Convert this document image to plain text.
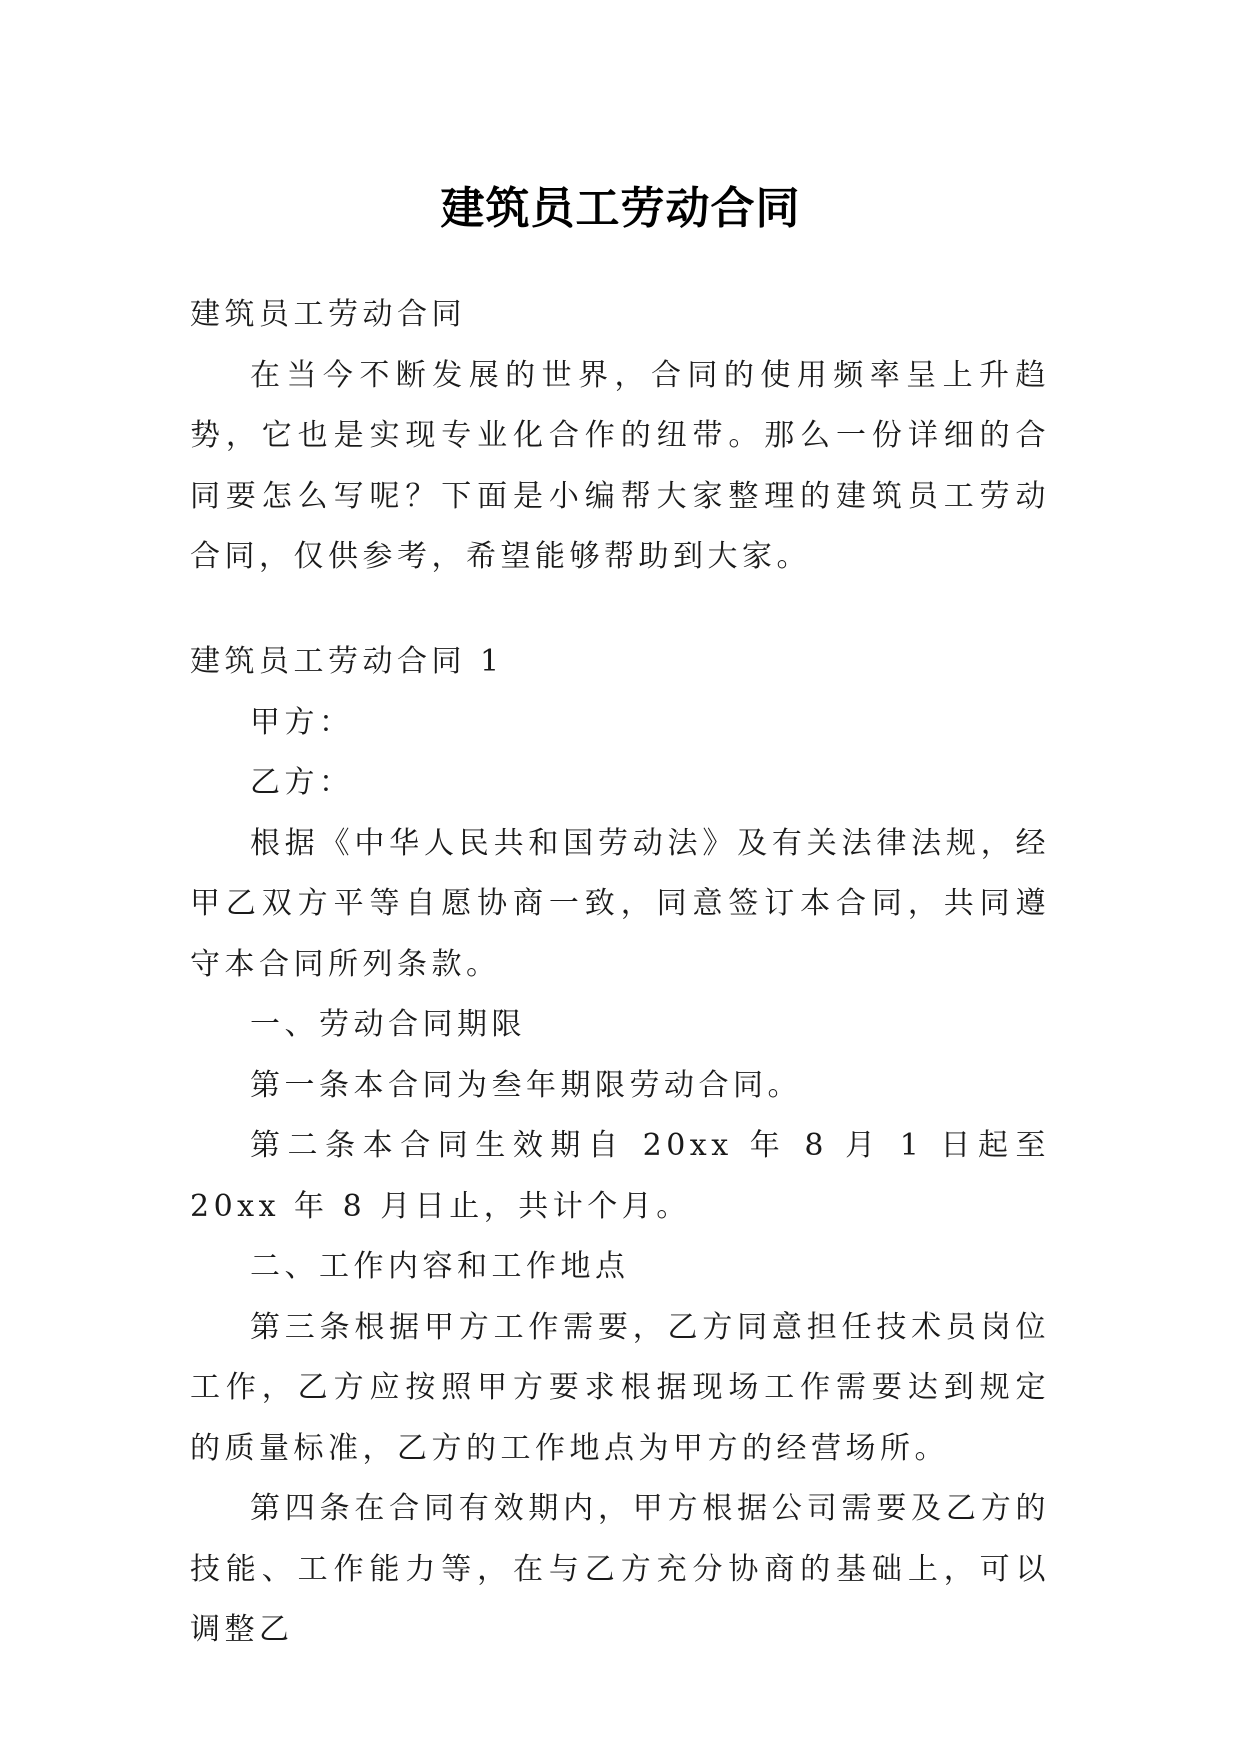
建筑员工劳动合同

建筑员工劳动合同

在当今不断发展的世界，合同的使用频率呈上升趋势，它也是实现专业化合作的纽带。那么一份详细的合同要怎么写呢？下面是小编帮大家整理的建筑员工劳动合同，仅供参考，希望能够帮助到大家。

建筑员工劳动合同 1

甲方：

乙方：

根据《中华人民共和国劳动法》及有关法律法规，经甲乙双方平等自愿协商一致，同意签订本合同，共同遵守本合同所列条款。

一、劳动合同期限

第一条本合同为叁年期限劳动合同。

第二条本合同生效期自 20xx 年 8 月 1 日起至 20xx 年 8 月日止，共计个月。

二、工作内容和工作地点

第三条根据甲方工作需要，乙方同意担任技术员岗位工作，乙方应按照甲方要求根据现场工作需要达到规定的质量标准，乙方的工作地点为甲方的经营场所。

第四条在合同有效期内，甲方根据公司需要及乙方的技能、工作能力等，在与乙方充分协商的基础上，可以调整乙
